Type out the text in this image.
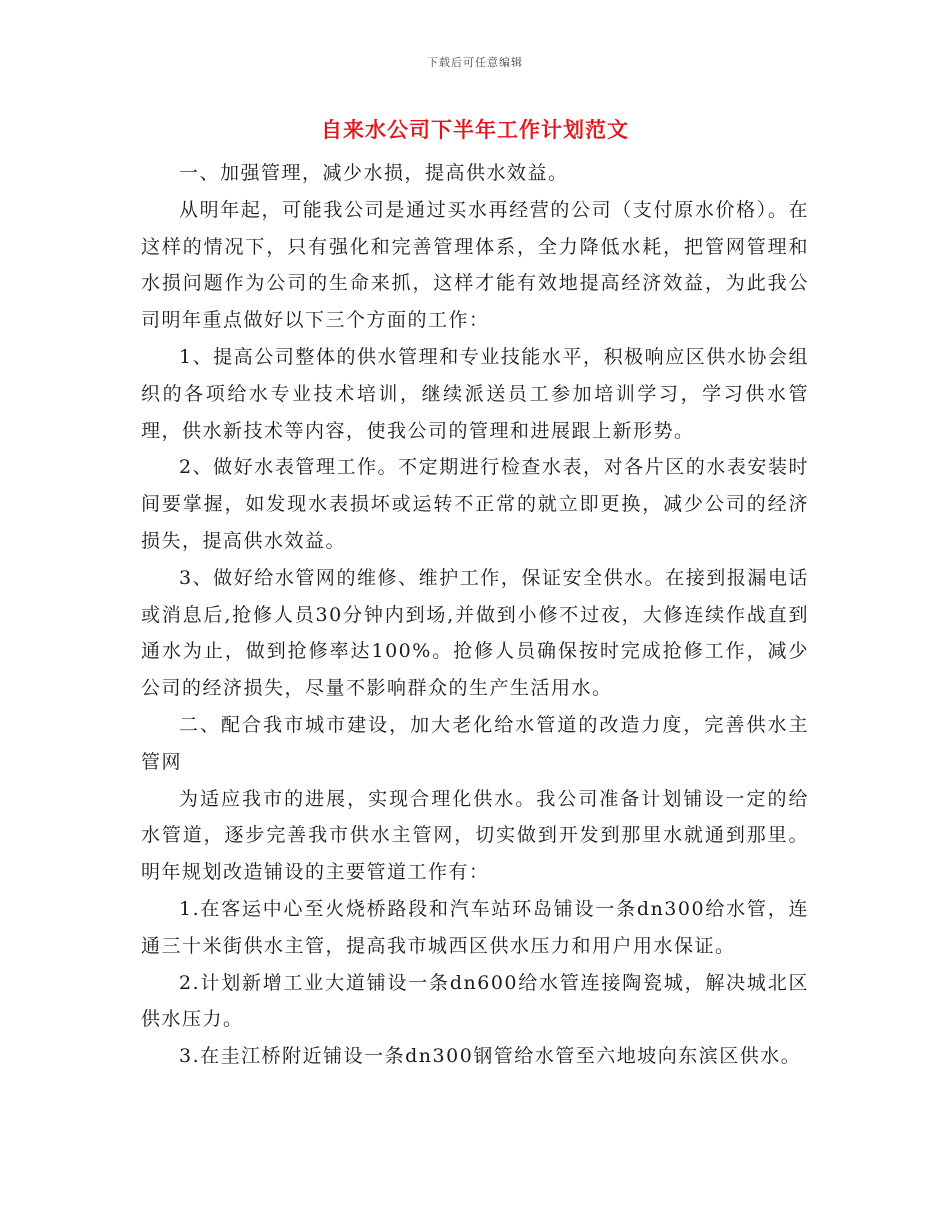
下载后可任意编辑
自来水公司下半年工作计划范文

一、加强管理，减少水损，提高供水效益。

从明年起，可能我公司是通过买水再经营的公司（支付原水价格）。在这样的情况下，只有强化和完善管理体系，全力降低水耗，把管网管理和水损问题作为公司的生命来抓，这样才能有效地提高经济效益，为此我公司明年重点做好以下三个方面的工作：

1、提高公司整体的供水管理和专业技能水平，积极响应区供水协会组织的各项给水专业技术培训，继续派送员工参加培训学习，学习供水管理，供水新技术等内容，使我公司的管理和进展跟上新形势。

2、做好水表管理工作。不定期进行检查水表，对各片区的水表安装时间要掌握，如发现水表损坏或运转不正常的就立即更换，减少公司的经济损失，提高供水效益。

3、做好给水管网的维修、维护工作，保证安全供水。在接到报漏电话或消息后,抢修人员30分钟内到场,并做到小修不过夜，大修连续作战直到通水为止，做到抢修率达100%。抢修人员确保按时完成抢修工作，减少公司的经济损失，尽量不影响群众的生产生活用水。

二、配合我市城市建设，加大老化给水管道的改造力度，完善供水主管网

为适应我市的进展，实现合理化供水。我公司准备计划铺设一定的给水管道，逐步完善我市供水主管网，切实做到开发到那里水就通到那里。明年规划改造铺设的主要管道工作有：

1.在客运中心至火烧桥路段和汽车站环岛铺设一条dn300给水管，连通三十米街供水主管，提高我市城西区供水压力和用户用水保证。

2.计划新增工业大道铺设一条dn600给水管连接陶瓷城，解决城北区供水压力。

3.在圭江桥附近铺设一条dn300钢管给水管至六地坡向东滨区供水。
